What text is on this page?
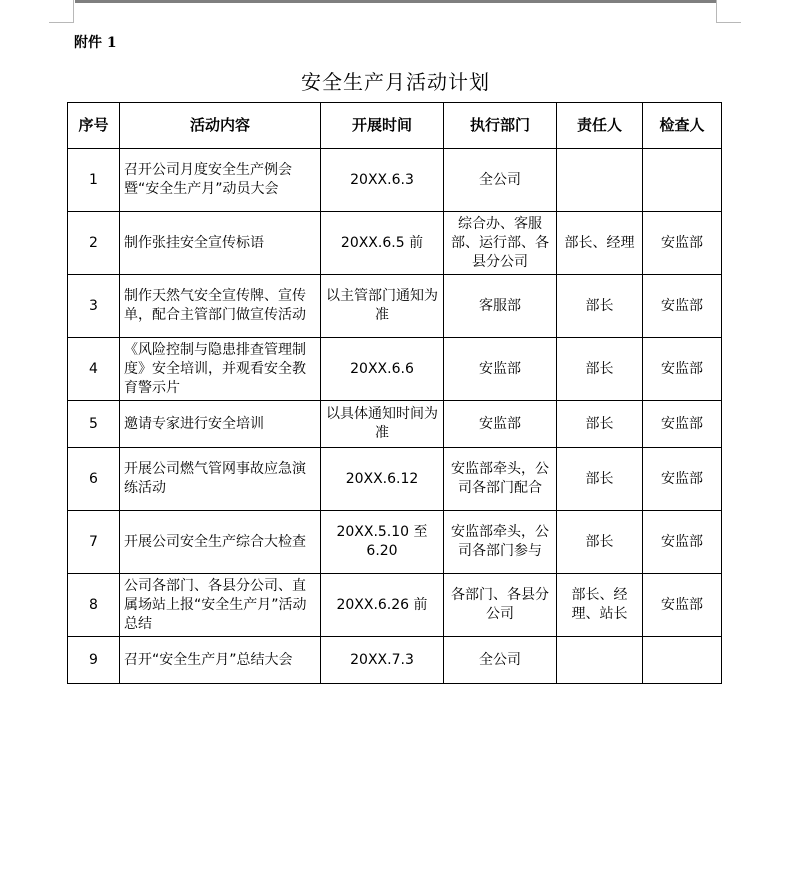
附件 1
安全生产月活动计划
序号	活动内容	开展时间	执行部门	责任人	检查人
1	召开公司月度安全生产例会暨“安全生产月”动员大会	20XX.6.3	全公司		
2	制作张挂安全宣传标语	20XX.6.5 前	综合办、客服部、运行部、各县分公司	部长、经理	安监部
3	制作天然气安全宣传牌、宣传单，配合主管部门做宣传活动	以主管部门通知为准	客服部	部长	安监部
4	《风险控制与隐患排查管理制度》安全培训，并观看安全教育警示片	20XX.6.6	安监部	部长	安监部
5	邀请专家进行安全培训	以具体通知时间为准	安监部	部长	安监部
6	开展公司燃气管网事故应急演练活动	20XX.6.12	安监部牵头，公司各部门配合	部长	安监部
7	开展公司安全生产综合大检查	20XX.5.10 至 6.20	安监部牵头，公司各部门参与	部长	安监部
8	公司各部门、各县分公司、直属场站上报“安全生产月”活动总结	20XX.6.26 前	各部门、各县分公司	部长、经理、站长	安监部
9	召开“安全生产月”总结大会	20XX.7.3	全公司		
